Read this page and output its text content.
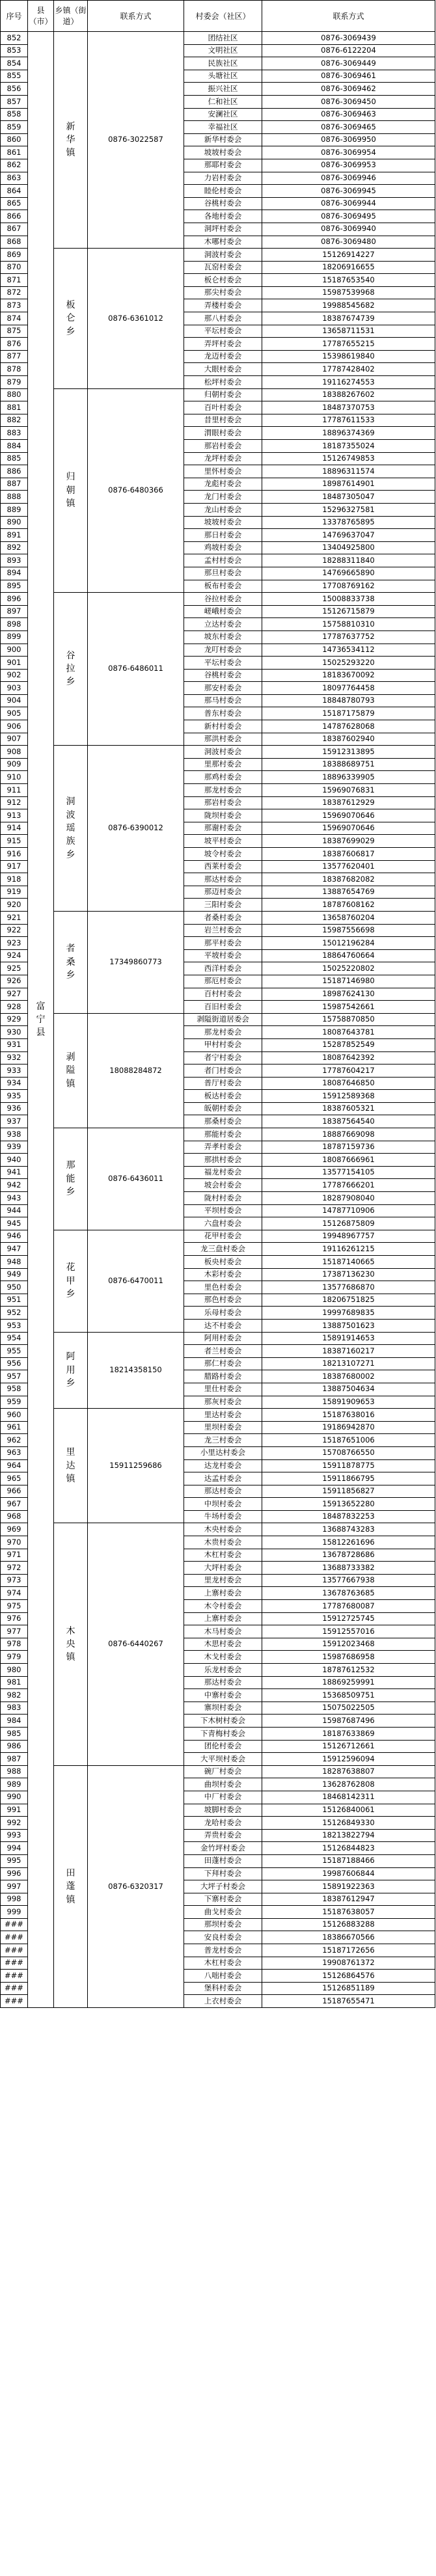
序号	县（市）	乡镇（街道）	联系方式	村委会（社区）	联系方式
852	富宁县	新华镇	0876-3022587	团结社区	0876-3069439
853				文明社区	0876-6122204
854				民族社区	0876-3069449
855				头塘社区	0876-3069461
856				振兴社区	0876-3069462
857				仁和社区	0876-3069450
858				安澜社区	0876-3069463
859				幸福社区	0876-3069465
860				新华村委会	0876-3069950
861				坡坡村委会	0876-3069954
862				那耶村委会	0876-3069953
863				力岩村委会	0876-3069946
864				睦伦村委会	0876-3069945
865				谷桃村委会	0876-3069944
866				各地村委会	0876-3069495
867				洞坪村委会	0876-3069940
868				木哪村委会	0876-3069480
869		板仑乡	0876-6361012	洞波村委会	15126914227
870				瓦窑村委会	18206916655
871				板仑村委会	15187653540
872				那尖村委会	15987539968
873				弄楼村委会	19988545682
874				那八村委会	18387674739
875				平坛村委会	13658711531
876				弄坪村委会	17787655215
877				龙迈村委会	15398619840
878				大眼村委会	17787428402
879				松坪村委会	19116274553
880		归朝镇	0876-6480366	归朝村委会	18388267602
881				百叶村委会	18487370753
882				昔里村委会	17787611533
883				渭眼村委会	18896374369
884				那岩村委会	18187355024
885				龙坪村委会	15126749853
886				里怀村委会	18896311574
887				龙彪村委会	18987614901
888				龙门村委会	18487305047
889				龙山村委会	15296327581
890				坡坡村委会	13378765895
891				那日村委会	14769637047
892				鸡坡村委会	13404925800
893				孟村村委会	18288311840
894				那旦村委会	14769665890
895				板布村委会	17708769162
896		谷拉乡	0876-6486011	谷拉村委会	15008833738
897				嵯峨村委会	15126715879
898				立达村委会	15758810310
899				坡东村委会	17787637752
900				龙叮村委会	14736534112
901				平坛村委会	15025293220
902				谷桃村委会	18183670092
903				那安村委会	18097764458
904				那马村委会	18848780793
905				普东村委会	15187175879
906				新村村委会	14787628068
907				那洪村委会	18387602940
908		洞波瑶族乡	0876-6390012	洞波村委会	15912313895
909				里那村委会	18388689751
910				那鸡村委会	18896339905
911				那龙村委会	15969076831
912				那岩村委会	18387612929
913				陇坝村委会	15969070646
914				那谢村委会	15969070646
915				坡平村委会	18387699029
916				坡令村委会	18387606817
917				西莱村委会	13577620401
918				那达村委会	18387682082
919				那迈村委会	13887654769
920				三阳村委会	18787608162
921		者桑乡	17349860773	者桑村委会	13658760204
922				岩兰村委会	15987556698
923				那平村委会	15012196284
924				平坡村委会	18864760664
925				西洋村委会	15025220802
926				那厄村委会	15187146980
927				百村村委会	18987624130
928				百旧村委会	15987542661
929		剥隘镇	18088284872	剥隘街道居委会	15758870850
930				那龙村委会	18087643781
931				甲村村委会	15287852549
932				者宁村委会	18087642392
933				者门村委会	17787604217
934				普厅村委会	18087646850
935				板达村委会	15912589368
936				皈朝村委会	18387605321
937				那桑村委会	18387564540
938		那能乡	0876-6436011	那能村委会	18887669098
939				弄孝村委会	18787159736
940				那拱村委会	18087666961
941				福龙村委会	13577154105
942				坡会村委会	17787666201
943				陇村村委会	18287908040
944				平坝村委会	14787710906
945				六盘村委会	15126875809
946		花甲乡	0876-6470011	花甲村委会	19948967757
947				龙三盘村委会	19116261215
948				板央村委会	15187140665
949				木彩村委会	17387136230
950				里色村委会	13577686870
951				那色村委会	18206751825
952				乐母村委会	19997689835
953				达不村委会	13887501623
954		阿用乡	18214358150	阿用村委会	15891914653
955				者兰村委会	18387160217
956				那仁村委会	18213107271
957				腊路村委会	18387680002
958				里仕村委会	13887504634
959				那灰村委会	15891909653
960		里达镇	15911259686	里达村委会	15187638016
961				里坝村委会	19186942870
962				龙三村委会	15187651006
963				小里达村委会	15708766550
964				达龙村委会	15911878775
965				达孟村委会	15911866795
966				那达村委会	15911856827
967				中坝村委会	15913652280
968				牛场村委会	18487832253
969		木央镇	0876-6440267	木央村委会	13688743283
970				木贵村委会	15812261696
971				木杠村委会	13678728686
972				大坪村委会	13688733382
973				里龙村委会	13577667938
974				上寨村委会	13678763685
975				木令村委会	17787680087
976				上寨村委会	15912725745
977				木马村委会	15912557016
978				木思村委会	15912023468
979				木戈村委会	15987686958
980				乐龙村委会	18787612532
981				那达村委会	18869259991
982				中寨村委会	15368509751
983				寨坝村委会	15075022505
984				下木树村委会	15987687496
985				下青梅村委会	18187633869
986				团伦村委会	15126712661
987				大平坝村委会	15912596094
988		田蓬镇	0876-6320317	碗厂村委会	18287638807
989				曲坝村委会	13628762808
990				中厂村委会	18468142311
991				坡脚村委会	15126840061
992				龙哈村委会	15126849330
993				弄贵村委会	18213822794
994				金竹坪村委会	15126844823
995				田蓬村委会	15187188466
996				下拜村委会	19987606844
997				大坪子村委会	15891922363
998				下寨村委会	18387612947
999				曲戈村委会	15187638057
###				那坝村委会	15126883288
###				安良村委会	18386670566
###				普龙村委会	15187172656
###				木杠村委会	19908761372
###				八咄村委会	15126864576
###				堡科村委会	15126851189
###				上衣村委会	15187655471
